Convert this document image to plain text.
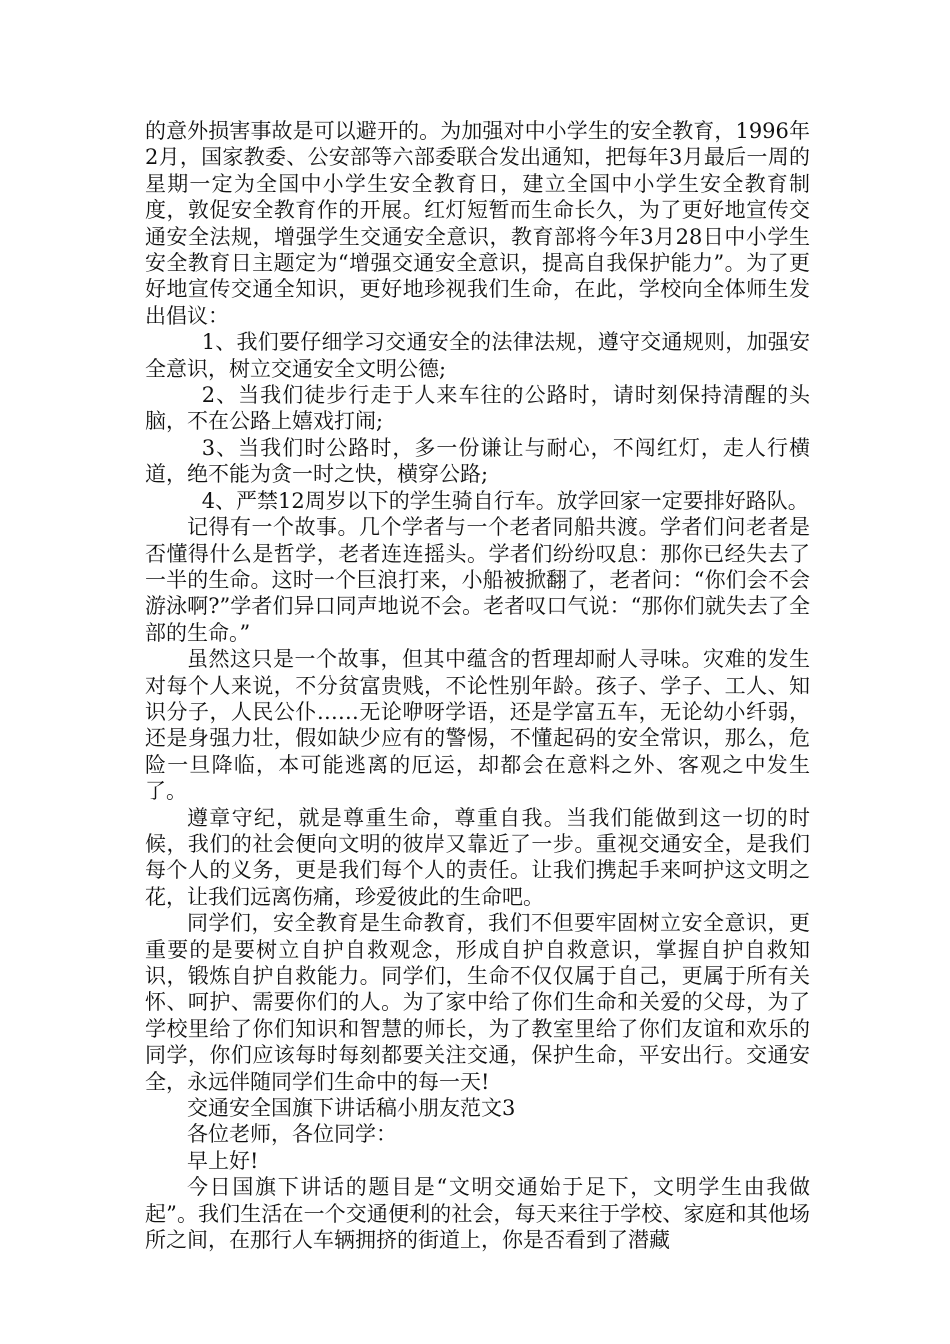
的意外损害事故是可以避开的。为加强对中小学生的安全教育，1996年2月，国家教委、公安部等六部委联合发出通知，把每年3月最后一周的星期一定为全国中小学生安全教育日，建立全国中小学生安全教育制度，敦促安全教育作的开展。红灯短暂而生命长久，为了更好地宣传交通安全法规，增强学生交通安全意识，教育部将今年3月28日中小学生安全教育日主题定为“增强交通安全意识，提高自我保护能力”。为了更好地宣传交通全知识，更好地珍视我们生命，在此，学校向全体师生发出倡议：

1、我们要仔细学习交通安全的法律法规，遵守交通规则，加强安全意识，树立交通安全文明公德;

2、当我们徒步行走于人来车往的公路时，请时刻保持清醒的头脑，不在公路上嬉戏打闹;

3、当我们时公路时，多一份谦让与耐心，不闯红灯，走人行横道，绝不能为贪一时之快，横穿公路;

4、严禁12周岁以下的学生骑自行车。放学回家一定要排好路队。

记得有一个故事。几个学者与一个老者同船共渡。学者们问老者是否懂得什么是哲学，老者连连摇头。学者们纷纷叹息：那你已经失去了一半的生命。这时一个巨浪打来，小船被掀翻了，老者问：“你们会不会游泳啊?”学者们异口同声地说不会。老者叹口气说：“那你们就失去了全部的生命。”

虽然这只是一个故事，但其中蕴含的哲理却耐人寻味。灾难的发生对每个人来说，不分贫富贵贱，不论性别年龄。孩子、学子、工人、知识分子，人民公仆……无论咿呀学语，还是学富五车，无论幼小纤弱，还是身强力壮，假如缺少应有的警惕，不懂起码的安全常识，那么，危险一旦降临，本可能逃离的厄运，却都会在意料之外、客观之中发生了。

遵章守纪，就是尊重生命，尊重自我。当我们能做到这一切的时候，我们的社会便向文明的彼岸又靠近了一步。重视交通安全，是我们每个人的义务，更是我们每个人的责任。让我们携起手来呵护这文明之花，让我们远离伤痛，珍爱彼此的生命吧。

同学们，安全教育是生命教育，我们不但要牢固树立安全意识，更重要的是要树立自护自救观念，形成自护自救意识，掌握自护自救知识，锻炼自护自救能力。同学们，生命不仅仅属于自己，更属于所有关怀、呵护、需要你们的人。为了家中给了你们生命和关爱的父母，为了学校里给了你们知识和智慧的师长，为了教室里给了你们友谊和欢乐的同学，你们应该每时每刻都要关注交通，保护生命，平安出行。交通安全，永远伴随同学们生命中的每一天!

交通安全国旗下讲话稿小朋友范文3

各位老师，各位同学：

早上好!

今日国旗下讲话的题目是“文明交通始于足下，文明学生由我做起”。我们生活在一个交通便利的社会，每天来往于学校、家庭和其他场所之间，在那行人车辆拥挤的街道上，你是否看到了潜藏
